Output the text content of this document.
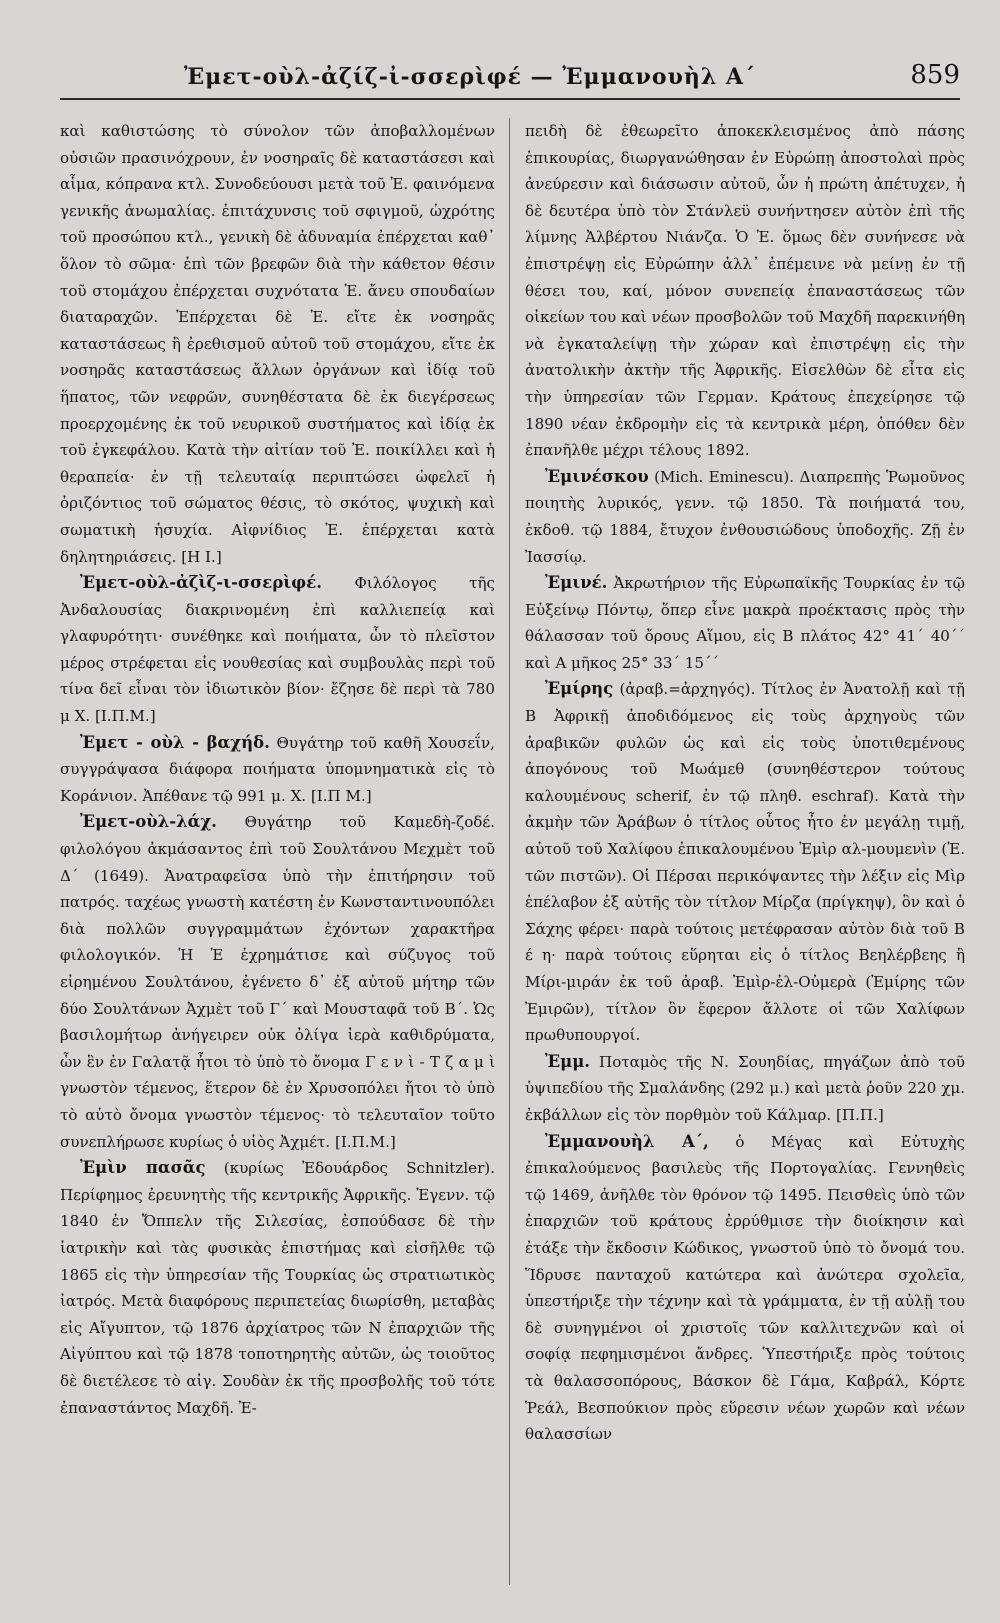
Ἐμετ-οὺλ-ἀζίζ-ἰ-σσερὶφέ — Ἐμμανουὴλ Α΄	859

καὶ καθιστώσης τὸ σύνολον τῶν ἀποβαλλομένων οὐσιῶν πρασινόχρουν, ἐν νοσηραῖς δὲ καταστάσεσι καὶ αἷμα, κόπρανα κτλ. Συνοδεύουσι μετὰ τοῦ Ἐ. φαινόμενα γενικῆς ἀνωμαλίας. ἐπιτάχυνσις τοῦ σφιγμοῦ, ὠχρότης τοῦ προσώπου κτλ., γενικὴ δὲ ἀδυναμία ἐπέρχεται καθ᾽ ὅλον τὸ σῶμα· ἐπὶ τῶν βρεφῶν διὰ τὴν κάθετον θέσιν τοῦ στομάχου ἐπέρχεται συχνότατα Ἐ. ἄνευ σπουδαίων διαταραχῶν. Ἐπέρχεται δὲ Ἐ. εἴτε ἐκ νοσηρᾶς καταστάσεως ἢ ἐρεθισμοῦ αὐτοῦ τοῦ στομάχου, εἴτε ἐκ νοσηρᾶς καταστάσεως ἄλλων ὀργάνων καὶ ἰδίᾳ τοῦ ἥπατος, τῶν νεφρῶν, συνηθέστατα δὲ ἐκ διεγέρσεως προερχομένης ἐκ τοῦ νευρικοῦ συστήματος καὶ ἰδίᾳ ἐκ τοῦ ἐγκεφάλου. Κατὰ τὴν αἰτίαν τοῦ Ἐ. ποικίλλει καὶ ἡ θεραπεία· ἐν τῇ τελευταίᾳ περιπτώσει ὠφελεῖ ἡ ὁριζόντιος τοῦ σώματος θέσις, τὸ σκότος, ψυχικὴ καὶ σωματικὴ ἡσυχία. Αἰφνίδιος Ἐ. ἐπέρχεται κατὰ δηλητηριάσεις. [Η Ι.]

Ἐμετ-οὺλ-ἀζὶζ-ι-σσερὶφέ. Φιλόλογος τῆς Ἀνδαλουσίας διακρινομένη ἐπὶ καλλιεπείᾳ καὶ γλαφυρότητι· συνέθηκε καὶ ποιήματα, ὧν τὸ πλεῖστον μέρος στρέφεται εἰς νουθεσίας καὶ συμβουλὰς περὶ τοῦ τίνα δεῖ εἶναι τὸν ἰδιωτικὸν βίον· ἔζησε δὲ περὶ τὰ 780 μ Χ. [Ι.Π.Μ.]

Ἐμετ - οὺλ - βαχήδ. Θυγάτηρ τοῦ καθῆ Χουσεΐν, συγγράψασα διάφορα ποιήματα ὑπομνηματικὰ εἰς τὸ Κοράνιον. Ἀπέθανε τῷ 991 μ. Χ. [Ι.Π Μ.]

Ἐμετ-οὺλ-λάχ. Θυγάτηρ τοῦ Καμεδὴ-ζοδέ. φιλολόγου ἀκμάσαντος ἐπὶ τοῦ Σουλτάνου Μεχμὲτ τοῦ Δ΄ (1649). Ἀνατραφεῖσα ὑπὸ τὴν ἐπιτήρησιν τοῦ πατρός. ταχέως γνωστὴ κατέστη ἐν Κωνσταντινουπόλει διὰ πολλῶν συγγραμμάτων ἐχόντων χαρακτῆρα φιλολογικόν. Ἡ Ἐ ἐχρημάτισε καὶ σύζυγος τοῦ εἰρημένου Σουλτάνου, ἐγένετο δ᾽ ἐξ αὐτοῦ μήτηρ τῶν δύο Σουλτάνων Ἀχμὲτ τοῦ Γ΄ καὶ Μουσταφᾶ τοῦ Β΄. Ὡς βασιλομήτωρ ἀνήγειρεν οὐκ ὀλίγα ἱερὰ καθιδρύματα, ὧν ἓν ἐν Γαλατᾷ ἦτοι τὸ ὑπὸ τὸ ὄνομα Γ ε ν ὶ - Τ ζ α μ ὶ γνωστὸν τέμενος, ἕτερον δὲ ἐν Χρυσοπόλει ἤτοι τὸ ὑπὸ τὸ αὐτὸ ὄνομα γνωστὸν τέμενος· τὸ τελευταῖον τοῦτο συνεπλήρωσε κυρίως ὁ υἱὸς Ἀχμέτ. [Ι.Π.Μ.]

Ἐμὶν πασᾶς (κυρίως Ἐδουάρδος Schnitzler). Περίφημος ἐρευνητὴς τῆς κεντρικῆς Ἀφρικῆς. Ἐγενν. τῷ 1840 ἐν Ὄππελν τῆς Σιλεσίας, ἐσπούδασε δὲ τὴν ἰατρικὴν καὶ τὰς φυσικὰς ἐπιστήμας καὶ εἰσῆλθε τῷ 1865 εἰς τὴν ὑπηρεσίαν τῆς Τουρκίας ὡς στρατιωτικὸς ἰατρός. Μετὰ διαφόρους περιπετείας διωρίσθη, μεταβὰς εἰς Αἴγυπτον, τῷ 1876 ἀρχίατρος τῶν Ν ἐπαρχιῶν τῆς Αἰγύπτου καὶ τῷ 1878 τοποτηρητὴς αὐτῶν, ὡς τοιοῦτος δὲ διετέλεσε τὸ αἰγ. Σουδὰν ἐκ τῆς προσβολῆς τοῦ τότε ἐπαναστάντος Μαχδῆ. Ἐ-

πειδὴ δὲ ἐθεωρεῖτο ἀποκεκλεισμένος ἀπὸ πάσης ἐπικουρίας, διωργανώθησαν ἐν Εὐρώπῃ ἀποστολαὶ πρὸς ἀνεύρεσιν καὶ διάσωσιν αὐτοῦ, ὧν ἡ πρώτη ἀπέτυχεν, ἡ δὲ δευτέρα ὑπὸ τὸν Στάνλεϋ συνήντησεν αὐτὸν ἐπὶ τῆς λίμνης Ἀλβέρτου Νιάνζα. Ὁ Ἐ. ὅμως δὲν συνήνεσε νὰ ἐπιστρέψῃ εἰς Εὐρώπην ἀλλ᾽ ἐπέμεινε νὰ μείνῃ ἐν τῇ θέσει του, καί, μόνον συνεπείᾳ ἐπαναστάσεως τῶν οἰκείων του καὶ νέων προσβολῶν τοῦ Μαχδῆ παρεκινήθη νὰ ἐγκαταλείψῃ τὴν χώραν καὶ ἐπιστρέψῃ εἰς τὴν ἀνατολικὴν ἀκτὴν τῆς Ἀφρικῆς. Εἰσελθὼν δὲ εἶτα εἰς τὴν ὑπηρεσίαν τῶν Γερμαν. Κράτους ἐπεχείρησε τῷ 1890 νέαν ἐκδρομὴν εἰς τὰ κεντρικὰ μέρη, ὁπόθεν δὲν ἐπανῆλθε μέχρι τέλους 1892.

Ἐμινέσκου (Mich. Eminescu). Διαπρεπὴς Ῥωμοῦνος ποιητὴς λυρικός, γενν. τῷ 1850. Τὰ ποιήματά του, ἐκδοθ. τῷ 1884, ἔτυχον ἐνθουσιώδους ὑποδοχῆς. Ζῇ ἐν Ἰασσίῳ.

Ἐμινέ. Ἀκρωτήριον τῆς Εὐρωπαϊκῆς Τουρκίας ἐν τῷ Εὐξείνῳ Πόντῳ, ὅπερ εἶνε μακρὰ προέκτασις πρὸς τὴν θάλασσαν τοῦ ὄρους Αἵμου, εἰς Β πλάτος 42° 41΄ 40΄΄ καὶ Α μῆκος 25° 33΄ 15΄΄

Ἐμίρης (ἀραβ.=ἀρχηγός). Τίτλος ἐν Ἀνατολῇ καὶ τῇ Β Ἀφρικῇ ἀποδιδόμενος εἰς τοὺς ἀρχηγοὺς τῶν ἀραβικῶν φυλῶν ὡς καὶ εἰς τοὺς ὑποτιθεμένους ἀπογόνους τοῦ Μωάμεθ (συνηθέστερον τούτους καλουμένους scherif, ἐν τῷ πληθ. eschraf). Κατὰ τὴν ἀκμὴν τῶν Ἀράβων ὁ τίτλος οὗτος ἦτο ἐν μεγάλῃ τιμῇ, αὐτοῦ τοῦ Χαλίφου ἐπικαλουμένου Ἐμὶρ αλ-μουμενὶν (Ἐ. τῶν πιστῶν). Οἱ Πέρσαι περικόψαντες τὴν λέξιν εἰς Μὶρ ἐπέλαβον ἐξ αὐτῆς τὸν τίτλον Μίρζα (πρίγκηψ), ὃν καὶ ὁ Σάχης φέρει· παρὰ τούτοις μετέφρασαν αὐτὸν διὰ τοῦ Β έ η· παρὰ τούτοις εὕρηται εἰς ὁ τίτλος Βεηλέρβεης ἢ Μίρι-μιράν ἐκ τοῦ ἀραβ. Ἐμὶρ-ἐλ-Οὐμερὰ (Ἐμίρης τῶν Ἐμιρῶν), τίτλον ὃν ἔφερον ἄλλοτε οἱ τῶν Χαλίφων πρωθυπουργοί.

Ἐμμ. Ποταμὸς τῆς Ν. Σουηδίας, πηγάζων ἀπὸ τοῦ ὑψιπεδίου τῆς Σμαλάνδης (292 μ.) καὶ μετὰ ῥοῦν 220 χμ. ἐκβάλλων εἰς τὸν πορθμὸν τοῦ Κάλμαρ. [Π.Π.]

Ἐμμανουὴλ Α΄, ὁ Μέγας καὶ Εὐτυχὴς ἐπικαλούμενος βασιλεὺς τῆς Πορτογαλίας. Γεννηθεὶς τῷ 1469, ἀνῆλθε τὸν θρόνον τῷ 1495. Πεισθεὶς ὑπὸ τῶν ἐπαρχιῶν τοῦ κράτους ἐρρύθμισε τὴν διοίκησιν καὶ ἐτάξε τὴν ἔκδοσιν Κώδικος, γνωστοῦ ὑπὸ τὸ ὄνομά του. Ἵδρυσε πανταχοῦ κατώτερα καὶ ἀνώτερα σχολεῖα, ὑπεστήριξε τὴν τέχνην καὶ τὰ γράμματα, ἐν τῇ αὐλῇ του δὲ συνηγμένοι οἱ χριστοῖς τῶν καλλιτεχνῶν καὶ οἱ σοφίᾳ πεφημισμένοι ἄνδρες. Ὑπεστήριξε πρὸς τούτοις τὰ θαλασσοπόρους, Βάσκον δὲ Γάμα, Καβράλ, Κόρτε Ῥεάλ, Βεσπούκιον πρὸς εὕρεσιν νέων χωρῶν καὶ νέων θαλασσίων
